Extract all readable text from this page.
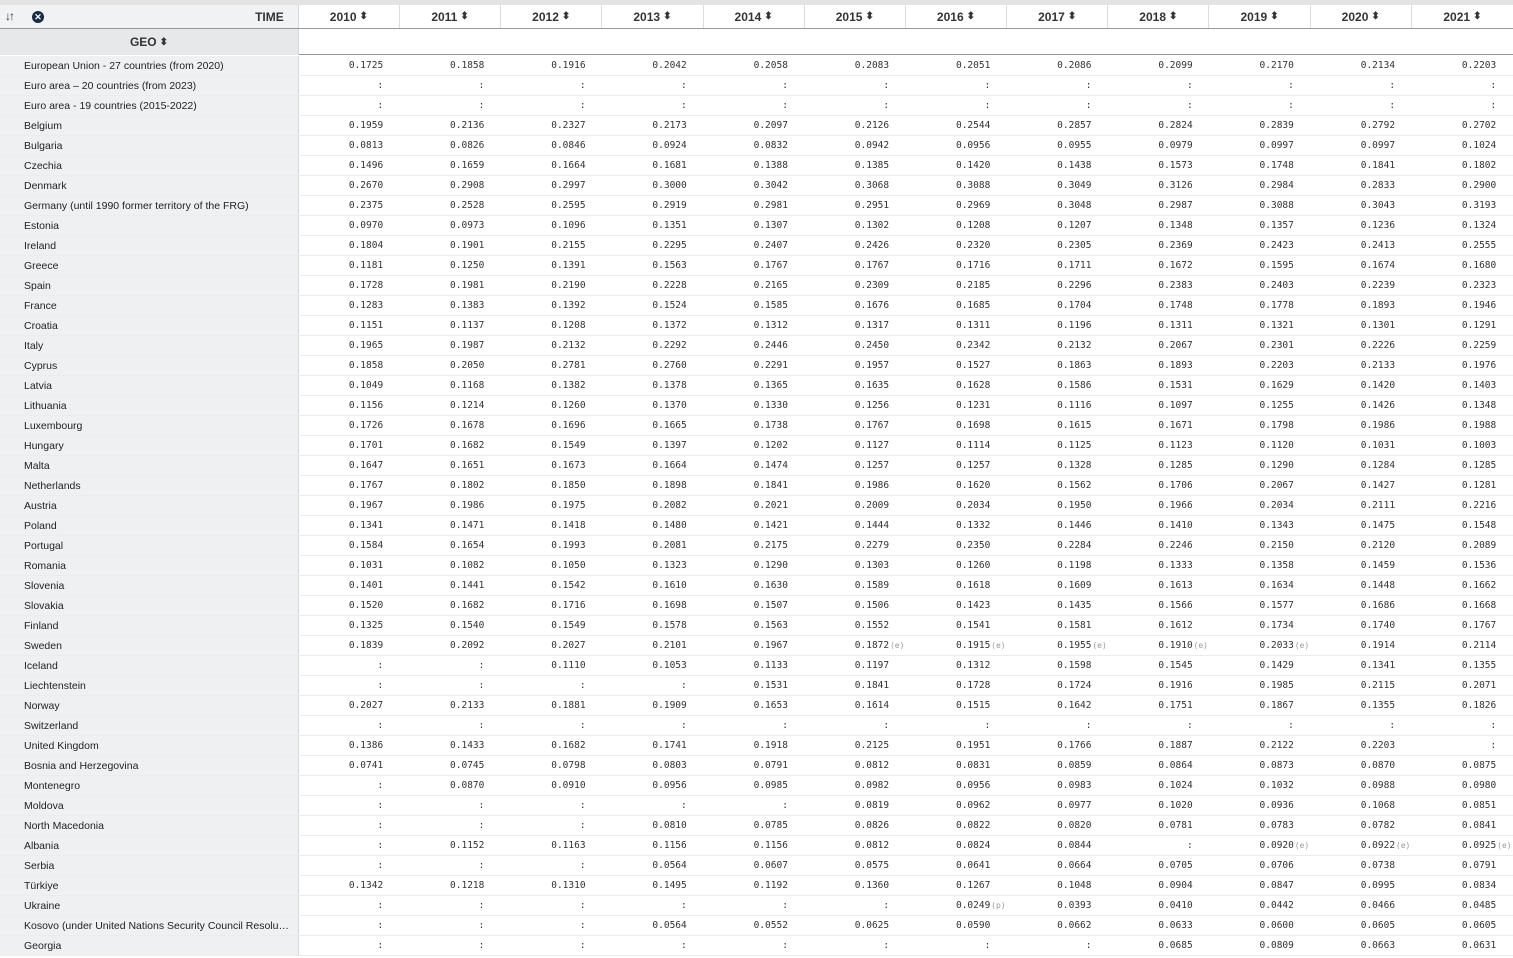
↓↑ ✕	TIME	2010 ⬍	2011 ⬍	2012 ⬍	2013 ⬍	2014 ⬍	2015 ⬍	2016 ⬍	2017 ⬍	2018 ⬍	2019 ⬍	2020 ⬍	2021 ⬍
GEO ⬍
European Union - 27 countries (from 2020)	0.1725	0.1858	0.1916	0.2042	0.2058	0.2083	0.2051	0.2086	0.2099	0.2170	0.2134	0.2203
Euro area – 20 countries (from 2023)	:	:	:	:	:	:	:	:	:	:	:	:
Euro area - 19 countries (2015-2022)	:	:	:	:	:	:	:	:	:	:	:	:
Belgium	0.1959	0.2136	0.2327	0.2173	0.2097	0.2126	0.2544	0.2857	0.2824	0.2839	0.2792	0.2702
Bulgaria	0.0813	0.0826	0.0846	0.0924	0.0832	0.0942	0.0956	0.0955	0.0979	0.0997	0.0997	0.1024
Czechia	0.1496	0.1659	0.1664	0.1681	0.1388	0.1385	0.1420	0.1438	0.1573	0.1748	0.1841	0.1802
Denmark	0.2670	0.2908	0.2997	0.3000	0.3042	0.3068	0.3088	0.3049	0.3126	0.2984	0.2833	0.2900
Germany (until 1990 former territory of the FRG)	0.2375	0.2528	0.2595	0.2919	0.2981	0.2951	0.2969	0.3048	0.2987	0.3088	0.3043	0.3193
Estonia	0.0970	0.0973	0.1096	0.1351	0.1307	0.1302	0.1208	0.1207	0.1348	0.1357	0.1236	0.1324
Ireland	0.1804	0.1901	0.2155	0.2295	0.2407	0.2426	0.2320	0.2305	0.2369	0.2423	0.2413	0.2555
Greece	0.1181	0.1250	0.1391	0.1563	0.1767	0.1767	0.1716	0.1711	0.1672	0.1595	0.1674	0.1680
Spain	0.1728	0.1981	0.2190	0.2228	0.2165	0.2309	0.2185	0.2296	0.2383	0.2403	0.2239	0.2323
France	0.1283	0.1383	0.1392	0.1524	0.1585	0.1676	0.1685	0.1704	0.1748	0.1778	0.1893	0.1946
Croatia	0.1151	0.1137	0.1208	0.1372	0.1312	0.1317	0.1311	0.1196	0.1311	0.1321	0.1301	0.1291
Italy	0.1965	0.1987	0.2132	0.2292	0.2446	0.2450	0.2342	0.2132	0.2067	0.2301	0.2226	0.2259
Cyprus	0.1858	0.2050	0.2781	0.2760	0.2291	0.1957	0.1527	0.1863	0.1893	0.2203	0.2133	0.1976
Latvia	0.1049	0.1168	0.1382	0.1378	0.1365	0.1635	0.1628	0.1586	0.1531	0.1629	0.1420	0.1403
Lithuania	0.1156	0.1214	0.1260	0.1370	0.1330	0.1256	0.1231	0.1116	0.1097	0.1255	0.1426	0.1348
Luxembourg	0.1726	0.1678	0.1696	0.1665	0.1738	0.1767	0.1698	0.1615	0.1671	0.1798	0.1986	0.1988
Hungary	0.1701	0.1682	0.1549	0.1397	0.1202	0.1127	0.1114	0.1125	0.1123	0.1120	0.1031	0.1003
Malta	0.1647	0.1651	0.1673	0.1664	0.1474	0.1257	0.1257	0.1328	0.1285	0.1290	0.1284	0.1285
Netherlands	0.1767	0.1802	0.1850	0.1898	0.1841	0.1986	0.1620	0.1562	0.1706	0.2067	0.1427	0.1281
Austria	0.1967	0.1986	0.1975	0.2082	0.2021	0.2009	0.2034	0.1950	0.1966	0.2034	0.2111	0.2216
Poland	0.1341	0.1471	0.1418	0.1480	0.1421	0.1444	0.1332	0.1446	0.1410	0.1343	0.1475	0.1548
Portugal	0.1584	0.1654	0.1993	0.2081	0.2175	0.2279	0.2350	0.2284	0.2246	0.2150	0.2120	0.2089
Romania	0.1031	0.1082	0.1050	0.1323	0.1290	0.1303	0.1260	0.1198	0.1333	0.1358	0.1459	0.1536
Slovenia	0.1401	0.1441	0.1542	0.1610	0.1630	0.1589	0.1618	0.1609	0.1613	0.1634	0.1448	0.1662
Slovakia	0.1520	0.1682	0.1716	0.1698	0.1507	0.1506	0.1423	0.1435	0.1566	0.1577	0.1686	0.1668
Finland	0.1325	0.1540	0.1549	0.1578	0.1563	0.1552	0.1541	0.1581	0.1612	0.1734	0.1740	0.1767
Sweden	0.1839	0.2092	0.2027	0.2101	0.1967	0.1872 (e)	0.1915 (e)	0.1955 (e)	0.1910 (e)	0.2033 (e)	0.1914	0.2114
Iceland	:	:	0.1110	0.1053	0.1133	0.1197	0.1312	0.1598	0.1545	0.1429	0.1341	0.1355
Liechtenstein	:	:	:	:	0.1531	0.1841	0.1728	0.1724	0.1916	0.1985	0.2115	0.2071
Norway	0.2027	0.2133	0.1881	0.1909	0.1653	0.1614	0.1515	0.1642	0.1751	0.1867	0.1355	0.1826
Switzerland	:	:	:	:	:	:	:	:	:	:	:	:
United Kingdom	0.1386	0.1433	0.1682	0.1741	0.1918	0.2125	0.1951	0.1766	0.1887	0.2122	0.2203	:
Bosnia and Herzegovina	0.0741	0.0745	0.0798	0.0803	0.0791	0.0812	0.0831	0.0859	0.0864	0.0873	0.0870	0.0875
Montenegro	:	0.0870	0.0910	0.0956	0.0985	0.0982	0.0956	0.0983	0.1024	0.1032	0.0988	0.0980
Moldova	:	:	:	:	:	0.0819	0.0962	0.0977	0.1020	0.0936	0.1068	0.0851
North Macedonia	:	:	:	0.0810	0.0785	0.0826	0.0822	0.0820	0.0781	0.0783	0.0782	0.0841
Albania	:	0.1152	0.1163	0.1156	0.1156	0.0812	0.0824	0.0844	:	0.0920 (e)	0.0922 (e)	0.0925 (e)
Serbia	:	:	:	0.0564	0.0607	0.0575	0.0641	0.0664	0.0705	0.0706	0.0738	0.0791
Türkiye	0.1342	0.1218	0.1310	0.1495	0.1192	0.1360	0.1267	0.1048	0.0904	0.0847	0.0995	0.0834
Ukraine	:	:	:	:	:	:	0.0249 (p)	0.0393	0.0410	0.0442	0.0466	0.0485
Kosovo (under United Nations Security Council Resolu…	:	:	:	0.0564	0.0552	0.0625	0.0590	0.0662	0.0633	0.0600	0.0605	0.0605
Georgia	:	:	:	:	:	:	:	:	0.0685	0.0809	0.0663	0.0631
